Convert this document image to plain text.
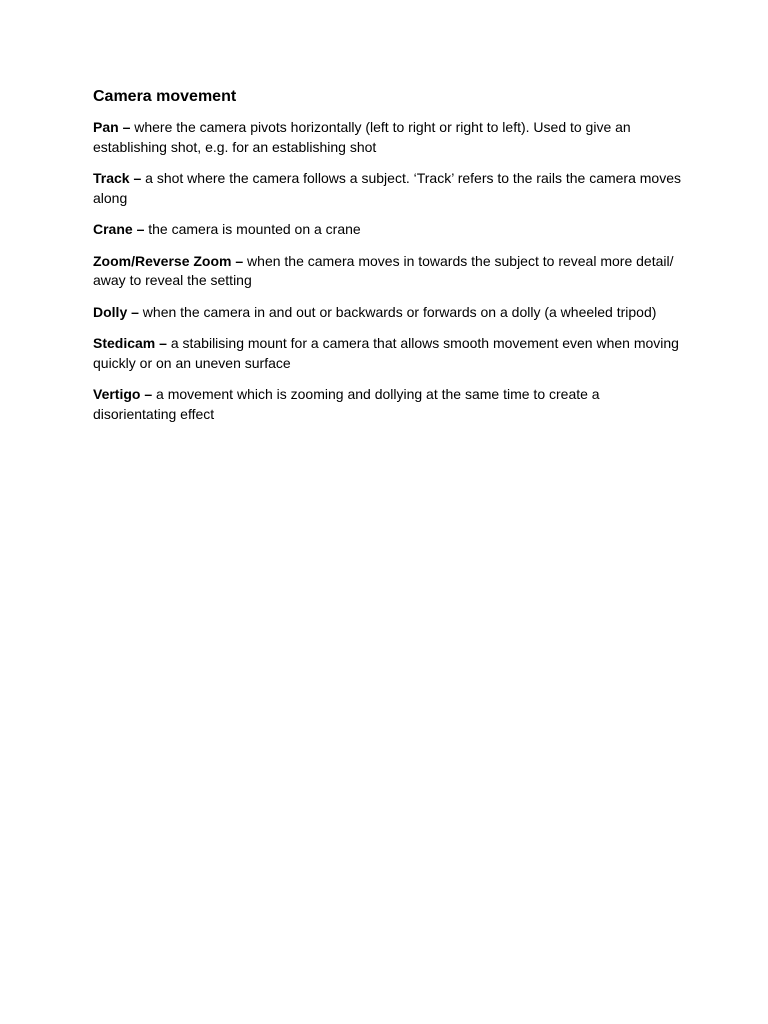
Camera movement

Pan – where the camera pivots horizontally (left to right or right to left). Used to give an establishing shot, e.g. for an establishing shot

Track – a shot where the camera follows a subject. ‘Track’ refers to the rails the camera moves along

Crane – the camera is mounted on a crane

Zoom/Reverse Zoom – when the camera moves in towards the subject to reveal more detail/ away to reveal the setting

Dolly – when the camera in and out or backwards or forwards on a dolly (a wheeled tripod)

Stedicam – a stabilising mount for a camera that allows smooth movement even when moving quickly or on an uneven surface

Vertigo – a movement which is zooming and dollying at the same time to create a disorientating effect
